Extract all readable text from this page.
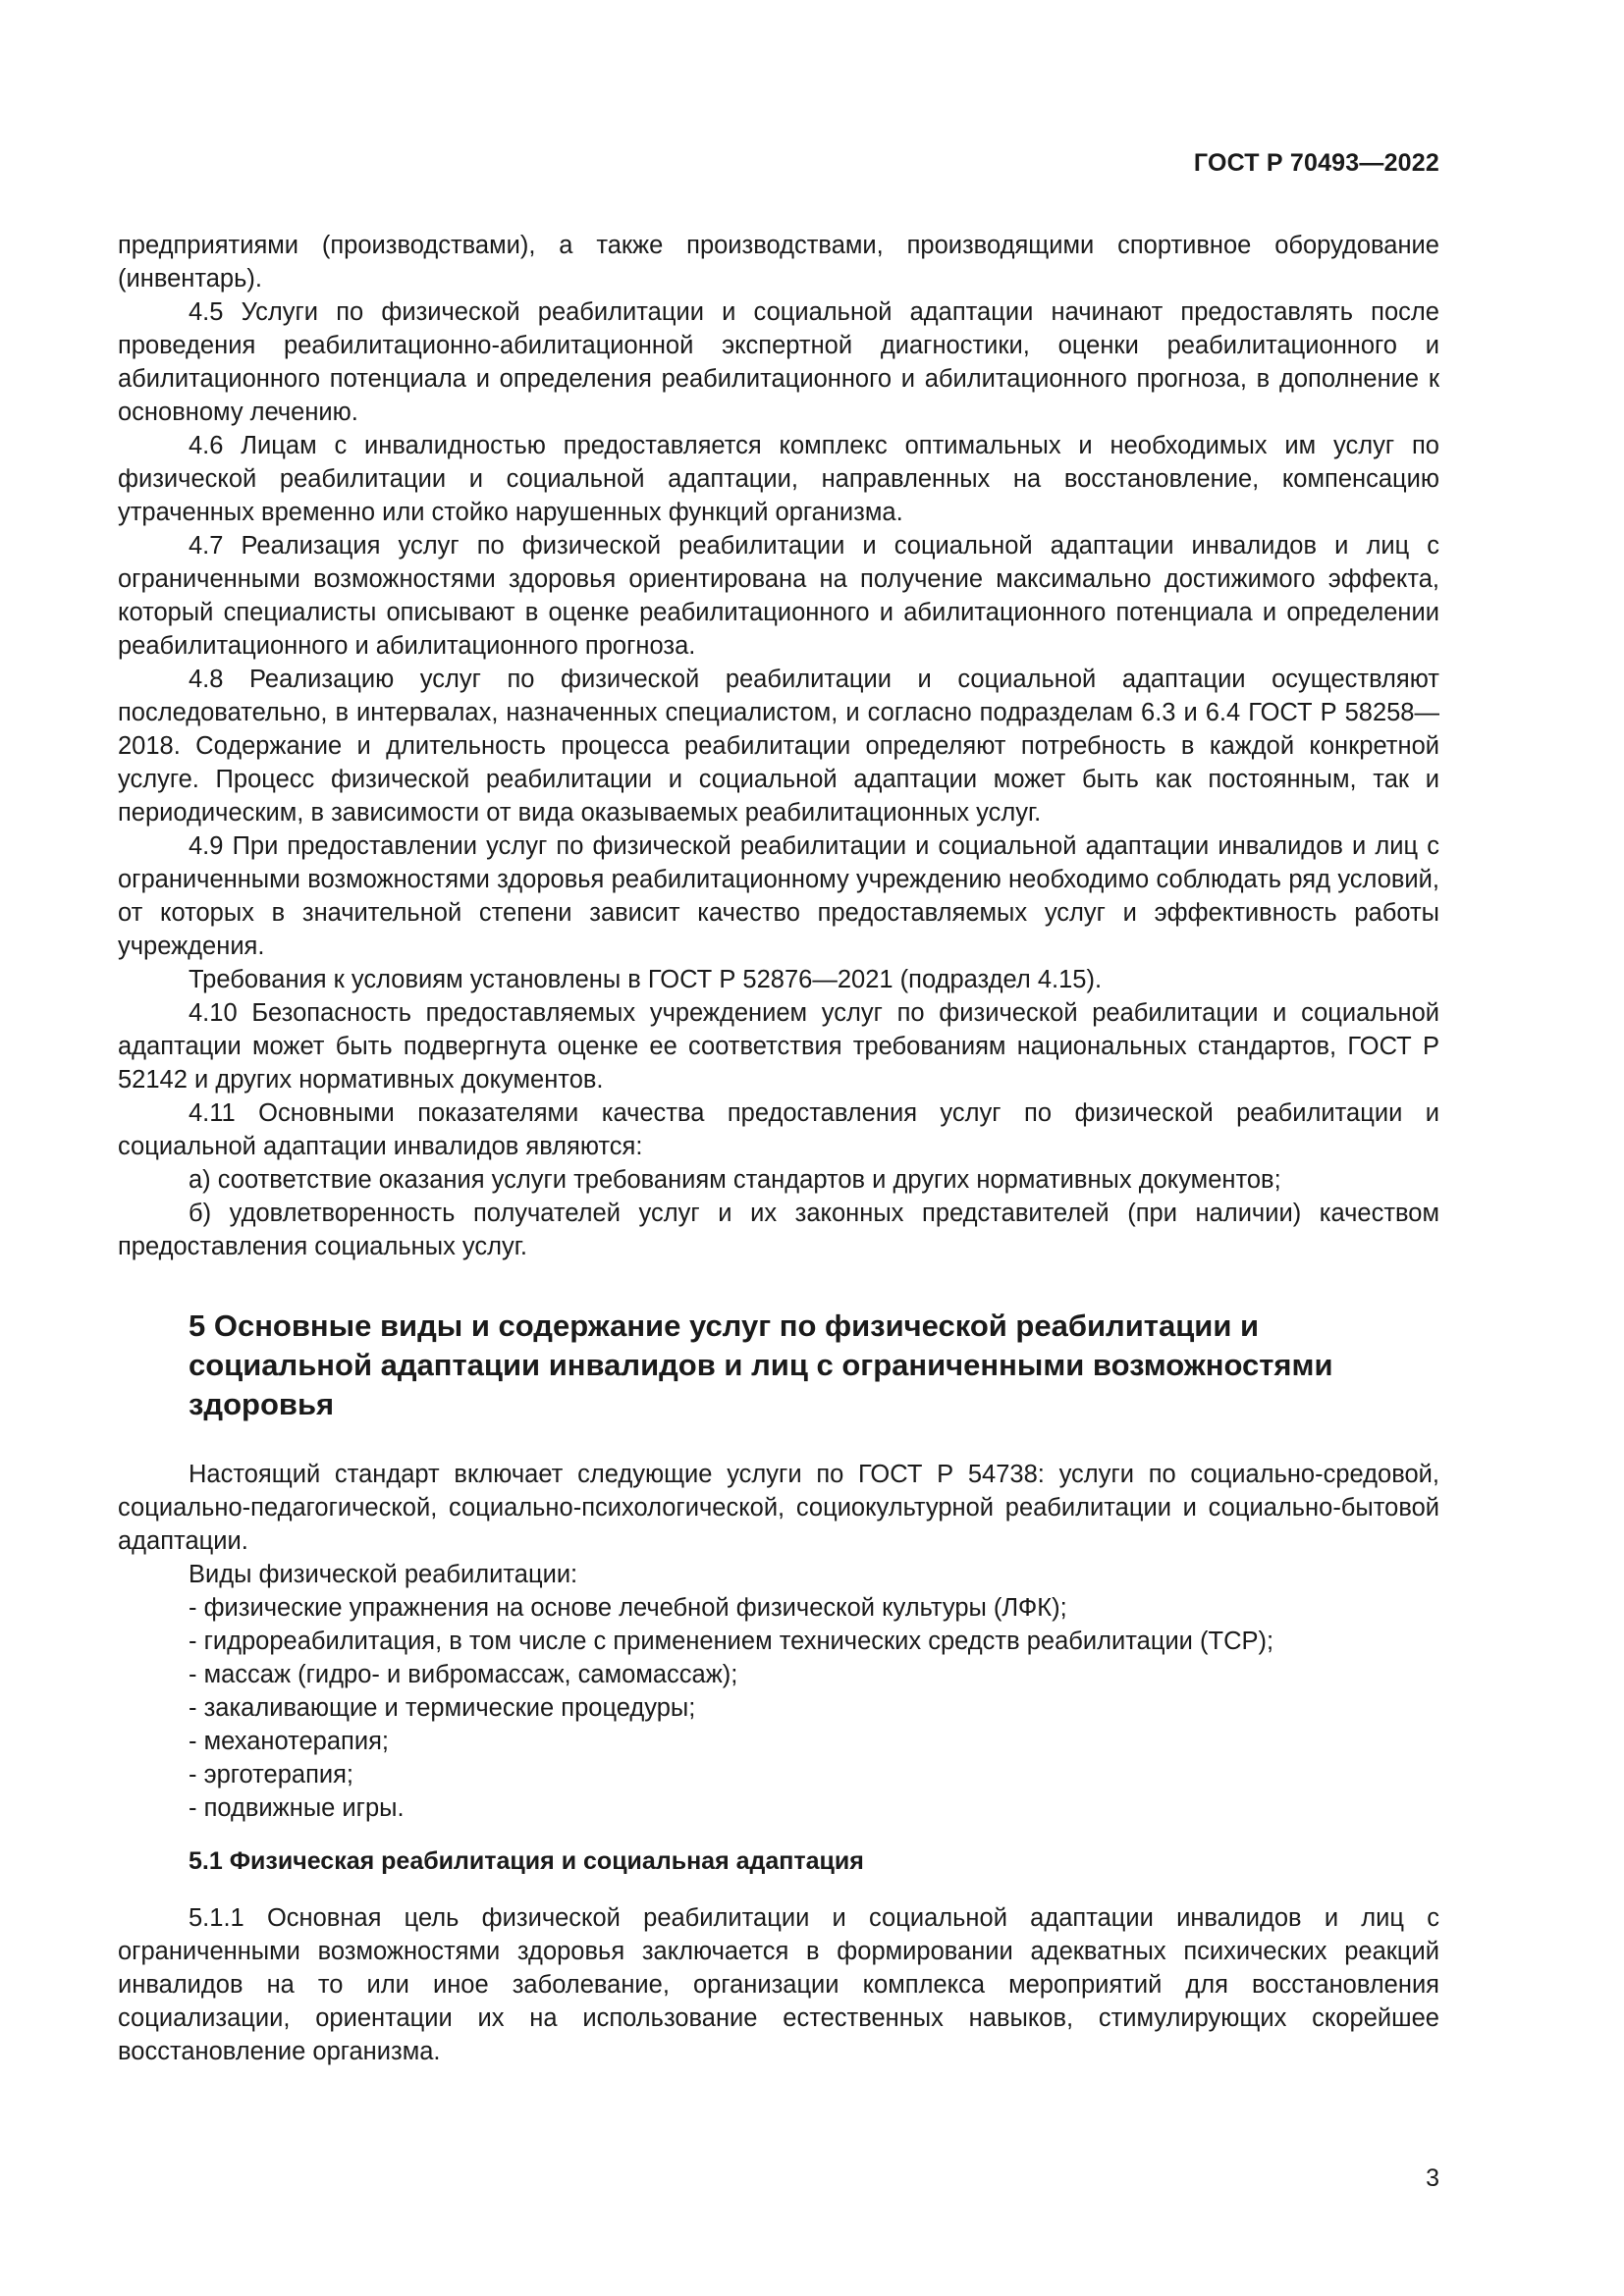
ГОСТ Р 70493—2022

предприятиями (производствами), а также производствами, производящими спортивное оборудование (инвентарь).

4.5 Услуги по физической реабилитации и социальной адаптации начинают предоставлять после проведения реабилитационно-абилитационной экспертной диагностики, оценки реабилитационного и абилитационного потенциала и определения реабилитационного и абилитационного прогноза, в дополнение к основному лечению.

4.6 Лицам с инвалидностью предоставляется комплекс оптимальных и необходимых им услуг по физической реабилитации и социальной адаптации, направленных на восстановление, компенсацию утраченных временно или стойко нарушенных функций организма.

4.7 Реализация услуг по физической реабилитации и социальной адаптации инвалидов и лиц с ограниченными возможностями здоровья ориентирована на получение максимально достижимого эффекта, который специалисты описывают в оценке реабилитационного и абилитационного потенциала и определении реабилитационного и абилитационного прогноза.

4.8 Реализацию услуг по физической реабилитации и социальной адаптации осуществляют последовательно, в интервалах, назначенных специалистом, и согласно подразделам 6.3 и 6.4 ГОСТ Р 58258—2018. Содержание и длительность процесса реабилитации определяют потребность в каждой конкретной услуге. Процесс физической реабилитации и социальной адаптации может быть как постоянным, так и периодическим, в зависимости от вида оказываемых реабилитационных услуг.

4.9 При предоставлении услуг по физической реабилитации и социальной адаптации инвалидов и лиц с ограниченными возможностями здоровья реабилитационному учреждению необходимо соблюдать ряд условий, от которых в значительной степени зависит качество предоставляемых услуг и эффективность работы учреждения.

Требования к условиям установлены в ГОСТ Р 52876—2021 (подраздел 4.15).

4.10 Безопасность предоставляемых учреждением услуг по физической реабилитации и социальной адаптации может быть подвергнута оценке ее соответствия требованиям национальных стандартов, ГОСТ Р 52142 и других нормативных документов.

4.11 Основными показателями качества предоставления услуг по физической реабилитации и социальной адаптации инвалидов являются:

а) соответствие оказания услуги требованиям стандартов и других нормативных документов;

б) удовлетворенность получателей услуг и их законных представителей (при наличии) качеством предоставления социальных услуг.

5 Основные виды и содержание услуг по физической реабилитации и социальной адаптации инвалидов и лиц с ограниченными возможностями здоровья

Настоящий стандарт включает следующие услуги по ГОСТ Р 54738: услуги по социально-средовой, социально-педагогической, социально-психологической, социокультурной реабилитации и социально-бытовой адаптации.

Виды физической реабилитации:

- физические упражнения на основе лечебной физической культуры (ЛФК);
- гидрореабилитация, в том числе с применением технических средств реабилитации (ТСР);
- массаж (гидро- и вибромассаж, самомассаж);
- закаливающие и термические процедуры;
- механотерапия;
- эрготерапия;
- подвижные игры.
5.1 Физическая реабилитация и социальная адаптация

5.1.1 Основная цель физической реабилитации и социальной адаптации инвалидов и лиц с ограниченными возможностями здоровья заключается в формировании адекватных психических реакций инвалидов на то или иное заболевание, организации комплекса мероприятий для восстановления социализации, ориентации их на использование естественных навыков, стимулирующих скорейшее восстановление организма.

3
